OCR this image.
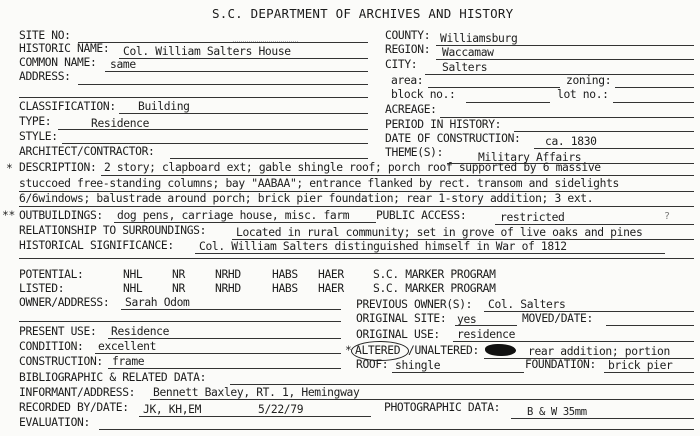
S.C. DEPARTMENT OF ARCHIVES AND HISTORY
SITE NO:
HISTORIC NAME: Col. William Salters House
COMMON NAME: same
ADDRESS:
CLASSIFICATION: Building
TYPE:	Residence
STYLE:
ARCHITECT/CONTRACTOR:
COUNTY: Williamsburg
REGION: Waccamaw
CITY: Salters
area:	zoning:
block no.:	lot no.:
ACREAGE:
PERIOD IN HISTORY:
DATE OF CONSTRUCTION: ca. 1830
THEME(S):	Military Affairs
* DESCRIPTION: 2 story; clapboard ext; gable shingle roof; porch roof supported by 6 massive
stuccoed free-standing columns; bay "AABAA"; entrance flanked by rect. transom and sidelights
6/6windows; balustrade around porch; brick pier foundation; rear 1-story addition; 3 ext.
** OUTBUILDINGS: dog pens, carriage house, misc. farm PUBLIC ACCESS:	restricted	?
RELATIONSHIP TO SURROUNDINGS:	Located in rural community; set in grove of live oaks and pines
HISTORICAL SIGNIFICANCE: Col. William Salters distinguished himself in War of 1812
POTENTIAL:	NHL	NR	NRHD	HABS HAER	S.C. MARKER PROGRAM
LISTED:	NHL	NR	NRHD	HABS HAER	S.C. MARKER PROGRAM
OWNER/ADDRESS: Sarah Odom	PREVIOUS OWNER(S): Col. Salters
ORIGINAL SITE: yes	MOVED/DATE:
PRESENT USE: Residence	ORIGINAL USE: residence
CONDITION: excellent	* ALTERED /UNALTERED:	rear addition; portion
CONSTRUCTION: frame	ROOF: shingle	FOUNDATION: brick pier
BIBLIOGRAPHIC & RELATED DATA:
INFORMANT/ADDRESS: Bennett Baxley, RT. 1, Hemingway
RECORDED BY/DATE: JK, KH,EM	5/22/79	PHOTOGRAPHIC DATA:	B & W 35mm
EVALUATION:
